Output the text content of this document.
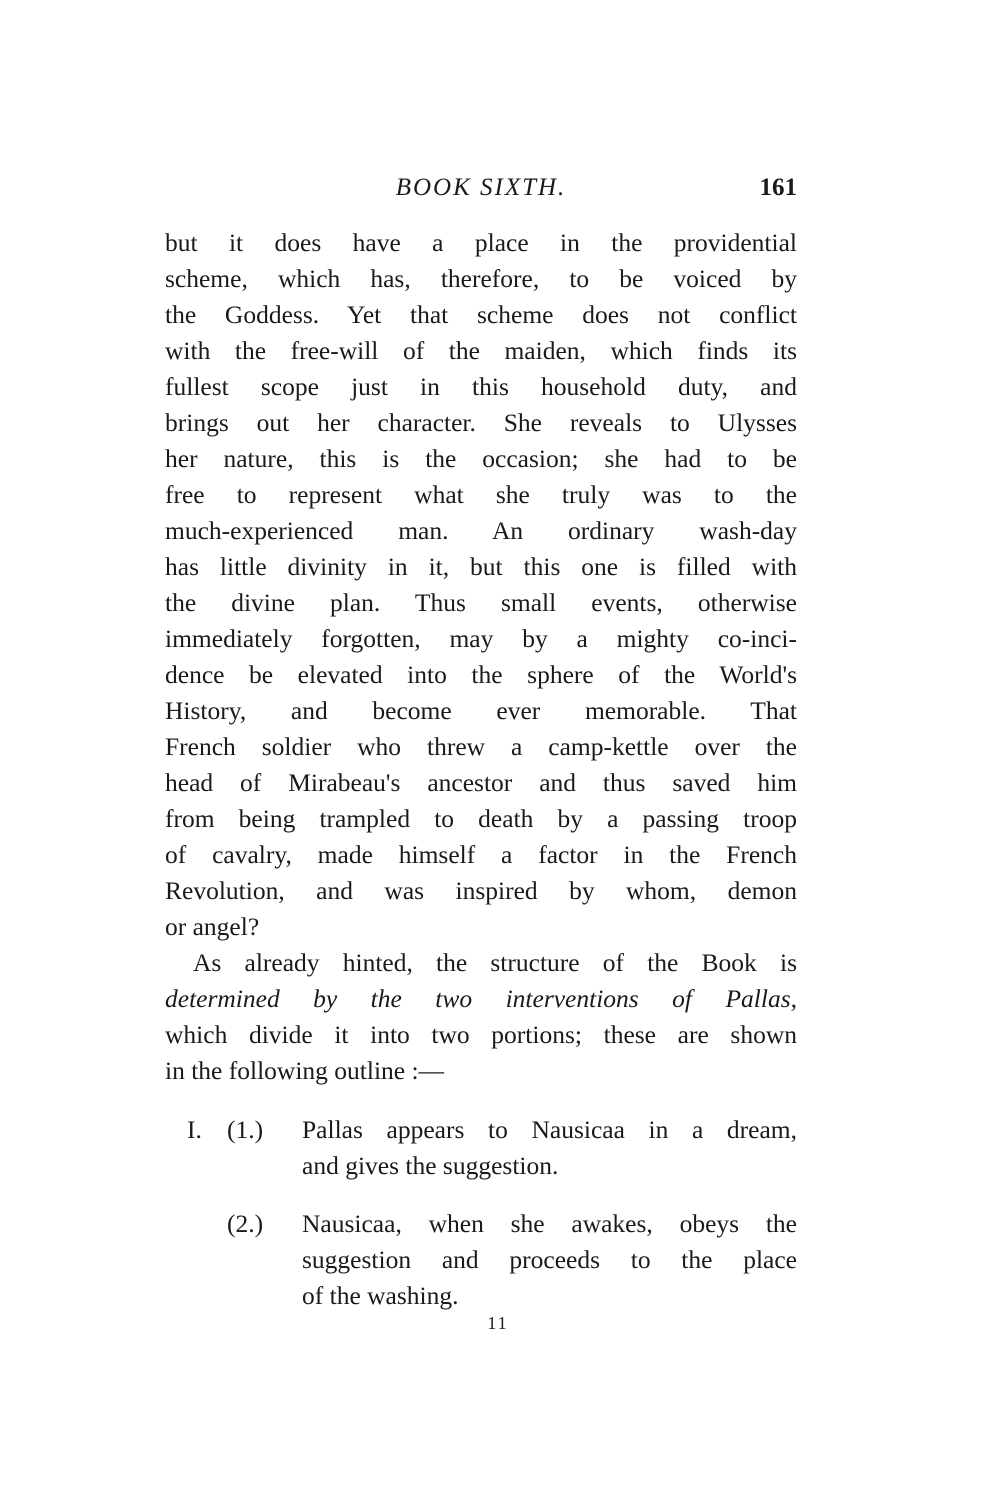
BOOK SIXTH.	161
but it does have a place in the providential
scheme, which has, therefore, to be voiced by
the Goddess. Yet that scheme does not conflict
with the free-will of the maiden, which finds its
fullest scope just in this household duty, and
brings out her character. She reveals to Ulysses
her nature, this is the occasion; she had to be
free to represent what she truly was to the
much-experienced man. An ordinary wash-day
has little divinity in it, but this one is filled with
the divine plan. Thus small events, otherwise
immediately forgotten, may by a mighty co-inci-
dence be elevated into the sphere of the World's
History, and become ever memorable. That
French soldier who threw a camp-kettle over the
head of Mirabeau's ancestor and thus saved him
from being trampled to death by a passing troop
of cavalry, made himself a factor in the French
Revolution, and was inspired by whom, demon
or angel?
As already hinted, the structure of the Book is
determined by the two interventions of Pallas,
which divide it into two portions; these are shown
in the following outline :—
I. (1.) Pallas appears to Nausicaa in a dream,
and gives the suggestion.
(2.) Nausicaa, when she awakes, obeys the
suggestion and proceeds to the place
of the washing.
11
